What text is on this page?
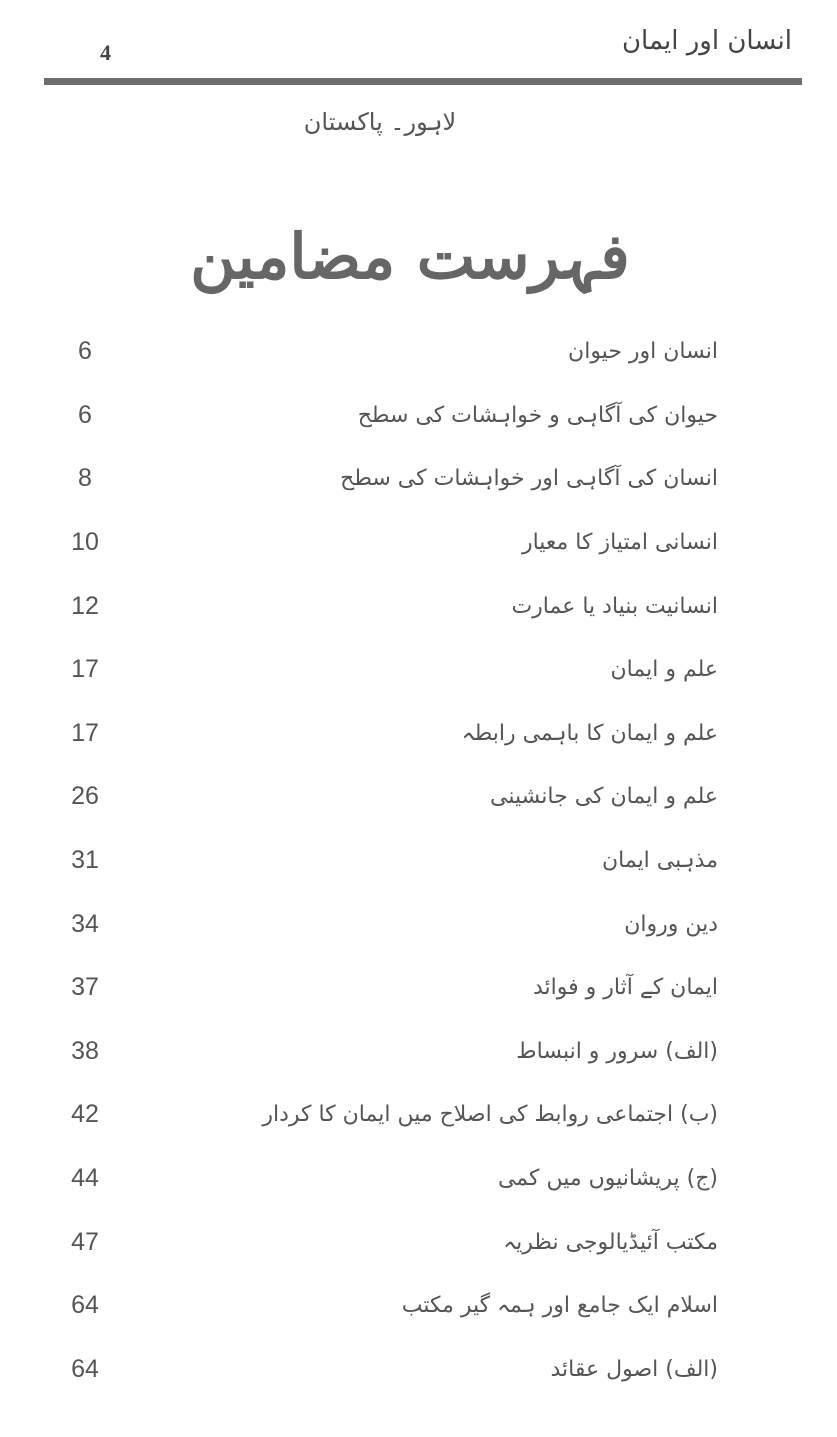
4	انسان اور ایمان
لاہور۔ پاکستان
فہرست مضامین
6	انسان اور حیوان
6	حیوان کی آگاہی و خواہشات کی سطح
8	انسان کی آگاہی اور خواہشات کی سطح
10	انسانی امتیاز کا معیار
12	انسانیت بنیاد یا عمارت
17	علم و ایمان
17	علم و ایمان کا باہمی رابطہ
26	علم و ایمان کی جانشینی
31	مذہبی ایمان
34	دین وروان
37	ایمان کے آثار و فوائد
38	(الف) سرور و انبساط
42	(ب) اجتماعی روابط کی اصلاح میں ایمان کا کردار
44	(ج) پریشانیوں میں کمی
47	مکتب آئیڈیالوجی نظریہ
64	اسلام ایک جامع اور ہمہ گیر مکتب
64	(الف) اصول عقائد
